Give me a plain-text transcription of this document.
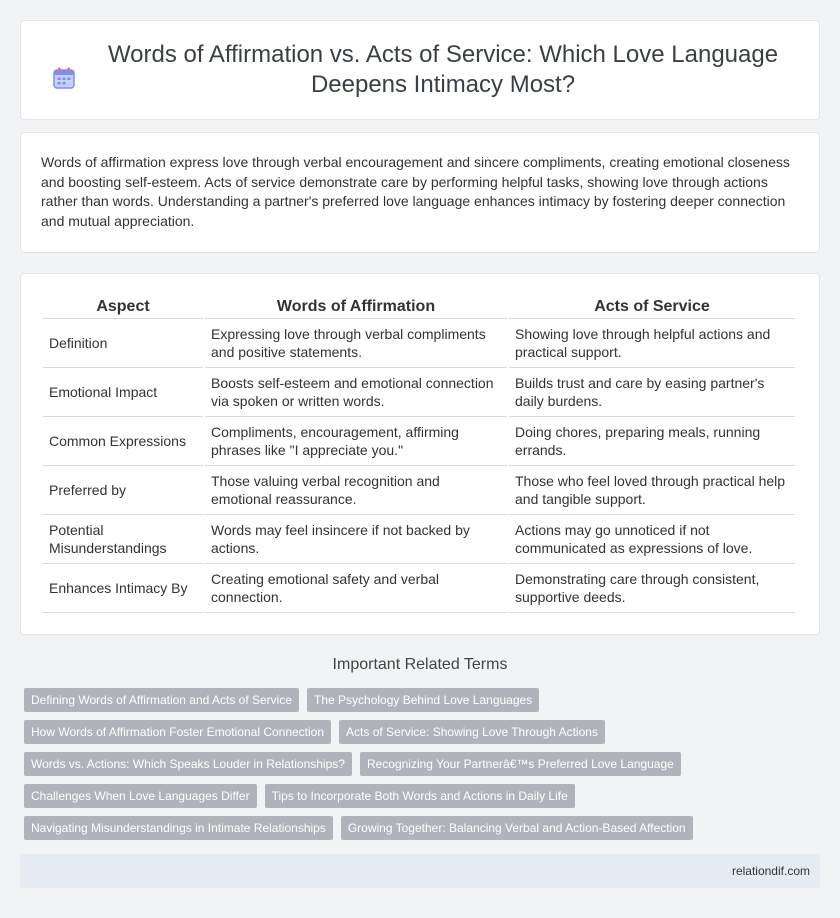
Words of Affirmation vs. Acts of Service: Which Love Language Deepens Intimacy Most?

Words of affirmation express love through verbal encouragement and sincere compliments, creating emotional closeness and boosting self-esteem. Acts of service demonstrate care by performing helpful tasks, showing love through actions rather than words. Understanding a partner's preferred love language enhances intimacy by fostering deeper connection and mutual appreciation.

Aspect	Words of Affirmation	Acts of Service
Definition	Expressing love through verbal compliments and positive statements.	Showing love through helpful actions and practical support.
Emotional Impact	Boosts self-esteem and emotional connection via spoken or written words.	Builds trust and care by easing partner's daily burdens.
Common Expressions	Compliments, encouragement, affirming phrases like "I appreciate you."	Doing chores, preparing meals, running errands.
Preferred by	Those valuing verbal recognition and emotional reassurance.	Those who feel loved through practical help and tangible support.
Potential Misunderstandings	Words may feel insincere if not backed by actions.	Actions may go unnoticed if not communicated as expressions of love.
Enhances Intimacy By	Creating emotional safety and verbal connection.	Demonstrating care through consistent, supportive deeds.
Important Related Terms
Defining Words of Affirmation and Acts of Service	The Psychology Behind Love Languages
How Words of Affirmation Foster Emotional Connection	Acts of Service: Showing Love Through Actions
Words vs. Actions: Which Speaks Louder in Relationships?	Recognizing Your Partnerâ€™s Preferred Love Language
Challenges When Love Languages Differ	Tips to Incorporate Both Words and Actions in Daily Life
Navigating Misunderstandings in Intimate Relationships	Growing Together: Balancing Verbal and Action-Based Affection
relationdif.com
